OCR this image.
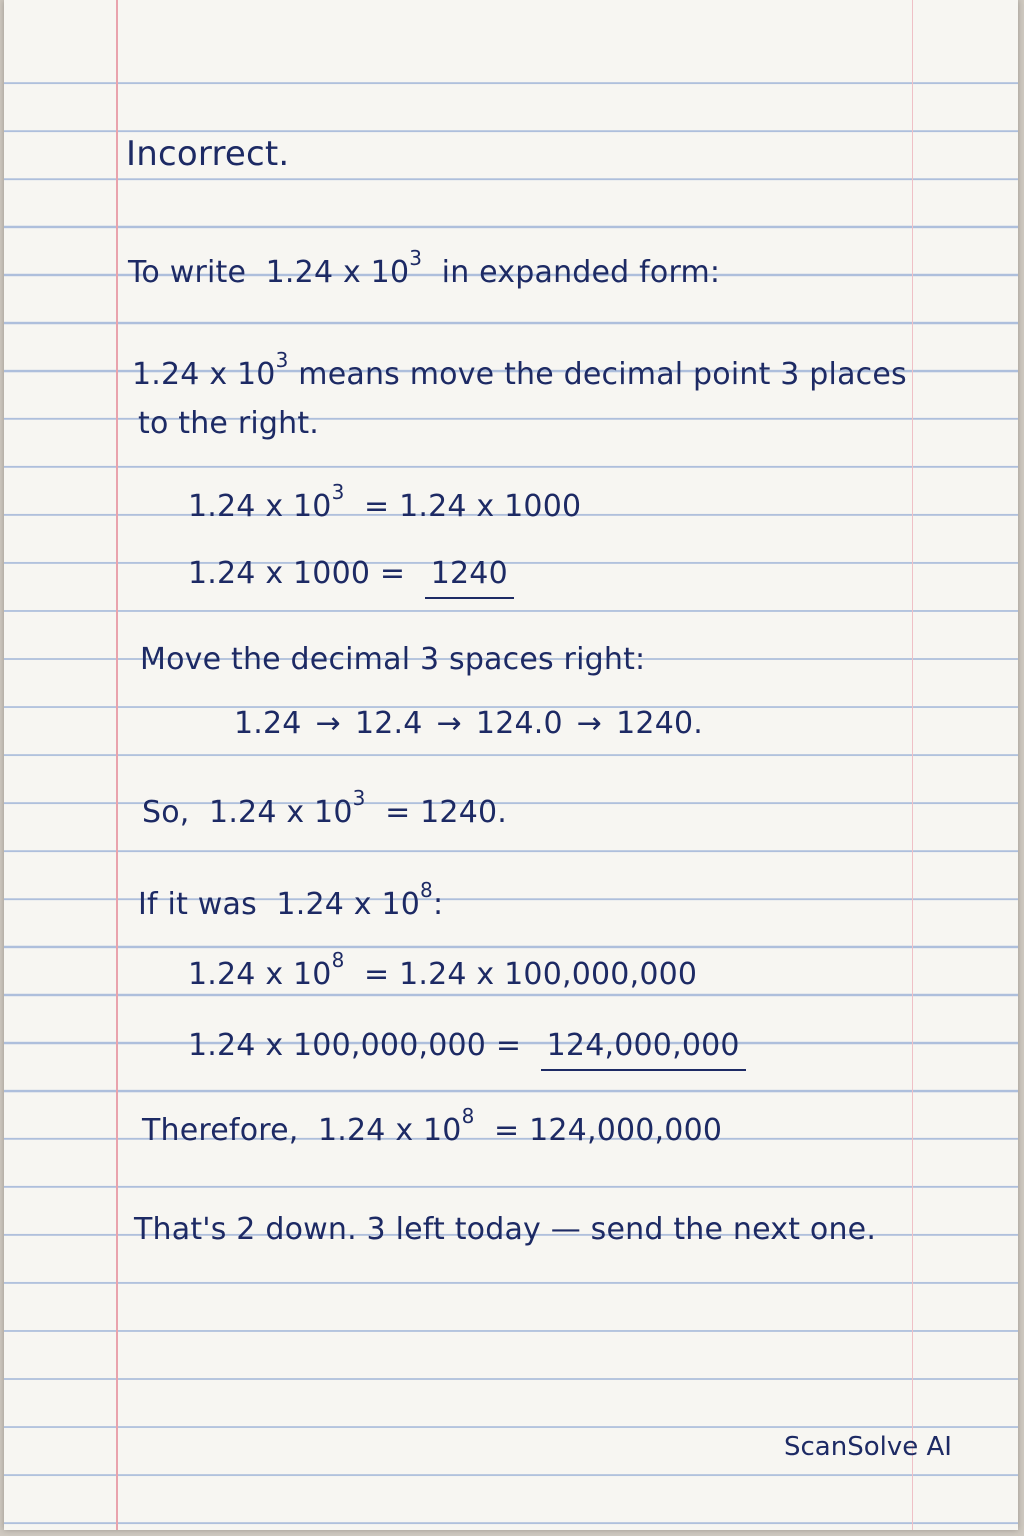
Incorrect.
To write 1.24 x $10^3$ in expanded form:
1.24 x $10^3$ means move the decimal point 3 places
to the right.
1.24 x $10^3 = 1.24$ x 1000
1.24 x 1000 = 1240
Move the decimal 3 spaces right:
1.24 → 12.4 → 124.0 → 1240.
So, 1.24 x $10^3 = 1240$.
If it was 1.24 x $10^8$:
1.24 x $10^8 = 1.24$ x 100,000,000
1.24 x 100,000,000 = 124,000,000
Therefore, 1.24 x $10^8 = 124,000,000$
That's 2 down. 3 left today — send the next one.
ScanSolve AI
